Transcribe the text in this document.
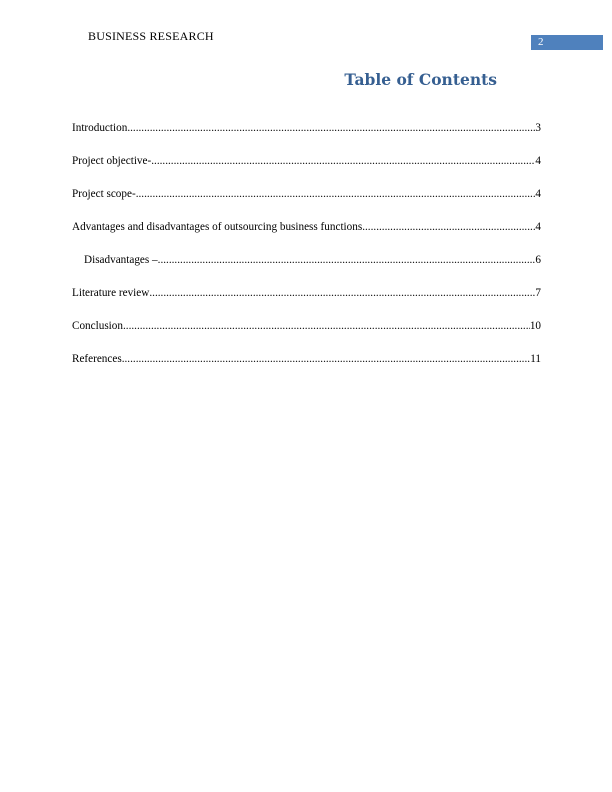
BUSINESS RESEARCH	2
Table of Contents
Introduction .....	3
Project objective- .....	4
Project scope- .....	4
Advantages and disadvantages of outsourcing business functions .....	4
Disadvantages – .....	6
Literature review .....	7
Conclusion .....	10
References .....	11
